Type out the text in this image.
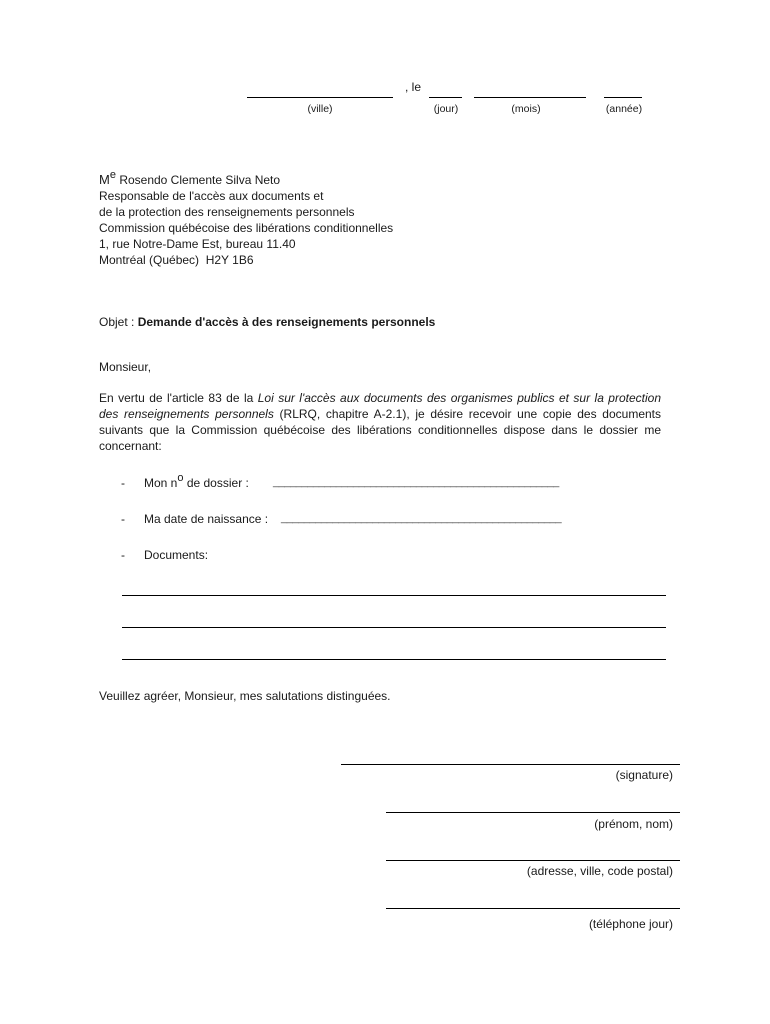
, le
(ville)	(jour)	(mois)	(année)
Me Rosendo Clemente Silva Neto
Responsable de l'accès aux documents et
de la protection des renseignements personnels
Commission québécoise des libérations conditionnelles
1, rue Notre-Dame Est, bureau 11.40
Montréal (Québec)  H2Y 1B6
Objet : Demande d'accès à des renseignements personnels
Monsieur,
En vertu de l'article 83 de la Loi sur l'accès aux documents des organismes publics et sur la protection des renseignements personnels (RLRQ, chapitre A-2.1), je désire recevoir une copie des documents suivants que la Commission québécoise des libérations conditionnelles dispose dans le dossier me concernant:
- Mon $n^o$ de dossier : __________________________________________________
- Ma date de naissance : _________________________________________________
- Documents:
Veuillez agréer, Monsieur, mes salutations distinguées.
(signature)
(prénom, nom)
(adresse, ville, code postal)
(téléphone jour)
